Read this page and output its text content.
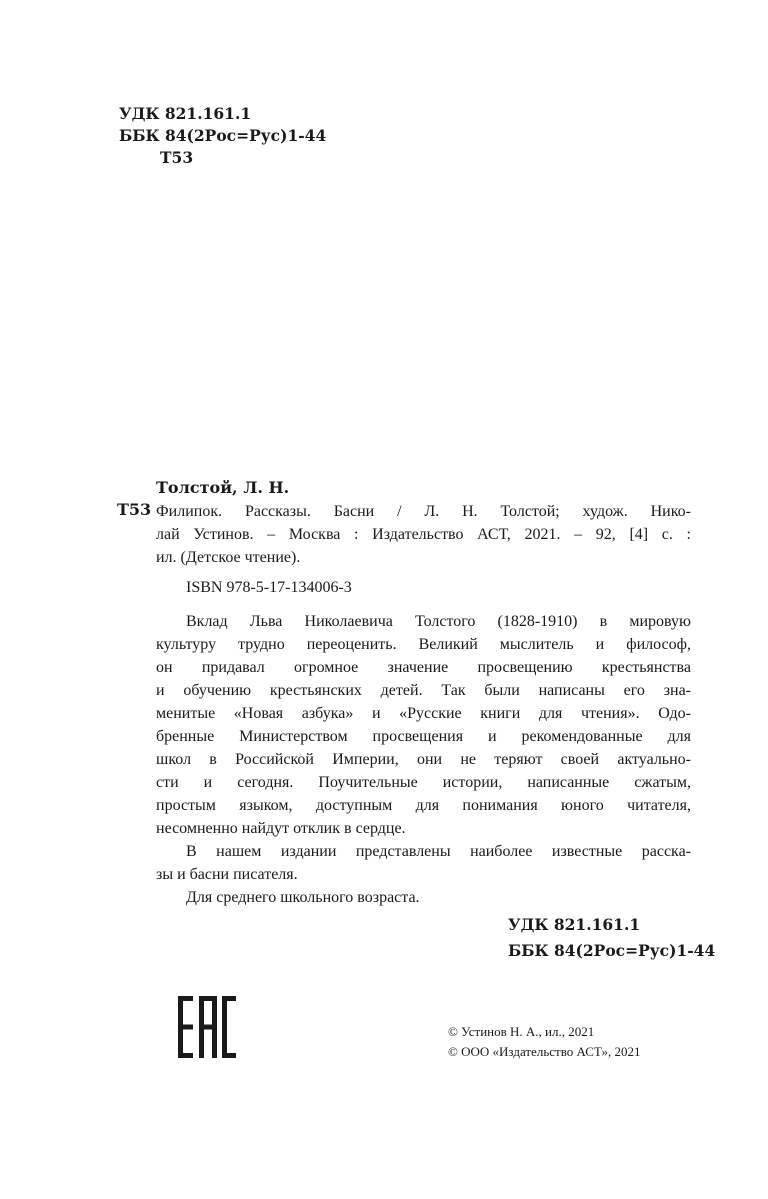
УДК 821.161.1
ББК 84(2Рос=Рус)1-44
Т53
Толстой, Л. Н.
Т53 Филипок. Рассказы. Басни / Л. Н. Толстой; худож. Нико-
лай Устинов. – Москва : Издательство АСТ, 2021. – 92, [4] с. :
ил. (Детское чтение).
ISBN 978-5-17-134006-3
Вклад Льва Николаевича Толстого (1828-1910) в мировую
культуру трудно переоценить. Великий мыслитель и философ,
он придавал огромное значение просвещению крестьянства
и обучению крестьянских детей. Так были написаны его зна-
менитые «Новая азбука» и «Русские книги для чтения». Одо-
бренные Министерством просвещения и рекомендованные для
школ в Российской Империи, они не теряют своей актуально-
сти и сегодня. Поучительные истории, написанные сжатым,
простым языком, доступным для понимания юного читателя,
несомненно найдут отклик в сердце.
В нашем издании представлены наиболее известные расска-
зы и басни писателя.
Для среднего школьного возраста.
УДК 821.161.1
ББК 84(2Рос=Рус)1-44
© Устинов Н. А., ил., 2021
© ООО «Издательство АСТ», 2021
